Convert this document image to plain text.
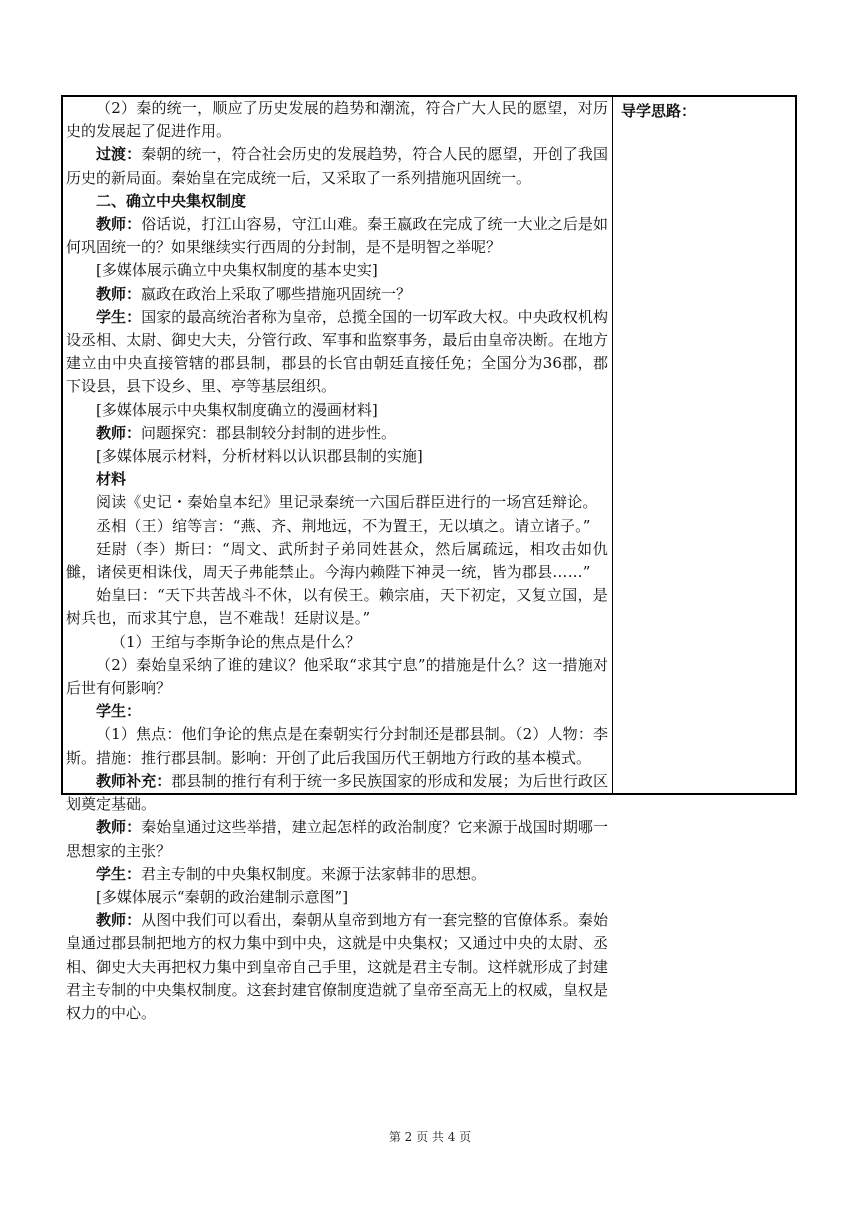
（2）秦的统一，顺应了历史发展的趋势和潮流，符合广大人民的愿望，对历史的发展起了促进作用。

过渡：秦朝的统一，符合社会历史的发展趋势，符合人民的愿望，开创了我国历史的新局面。秦始皇在完成统一后，又采取了一系列措施巩固统一。

二、确立中央集权制度

教师：俗话说，打江山容易，守江山难。秦王嬴政在完成了统一大业之后是如何巩固统一的？如果继续实行西周的分封制，是不是明智之举呢？

[多媒体展示确立中央集权制度的基本史实]

教师：嬴政在政治上采取了哪些措施巩固统一？

学生：国家的最高统治者称为皇帝，总揽全国的一切军政大权。中央政权机构设丞相、太尉、御史大夫，分管行政、军事和监察事务，最后由皇帝决断。在地方建立由中央直接管辖的郡县制，郡县的长官由朝廷直接任免；全国分为36郡，郡下设县，县下设乡、里、亭等基层组织。

[多媒体展示中央集权制度确立的漫画材料]

教师：问题探究：郡县制较分封制的进步性。

[多媒体展示材料，分析材料以认识郡县制的实施]

材料

阅读《史记・秦始皇本纪》里记录秦统一六国后群臣进行的一场宫廷辩论。

丞相（王）绾等言：“燕、齐、荆地远，不为置王，无以填之。请立诸子。”

廷尉（李）斯曰：“周文、武所封子弟同姓甚众，然后属疏远，相攻击如仇雠，诸侯更相诛伐，周天子弗能禁止。今海内赖陛下神灵一统，皆为郡县……”

始皇曰：“天下共苦战斗不休，以有侯王。赖宗庙，天下初定，又复立国，是树兵也，而求其宁息，岂不难哉！廷尉议是。”

（1）王绾与李斯争论的焦点是什么？

（2）秦始皇采纳了谁的建议？他采取“求其宁息”的措施是什么？这一措施对后世有何影响？

学生：

（1）焦点：他们争论的焦点是在秦朝实行分封制还是郡县制。（2）人物：李斯。措施：推行郡县制。影响：开创了此后我国历代王朝地方行政的基本模式。

教师补充：郡县制的推行有利于统一多民族国家的形成和发展；为后世行政区划奠定基础。

教师：秦始皇通过这些举措，建立起怎样的政治制度？它来源于战国时期哪一思想家的主张？

学生：君主专制的中央集权制度。来源于法家韩非的思想。

[多媒体展示“秦朝的政治建制示意图”]

教师：从图中我们可以看出，秦朝从皇帝到地方有一套完整的官僚体系。秦始皇通过郡县制把地方的权力集中到中央，这就是中央集权；又通过中央的太尉、丞相、御史大夫再把权力集中到皇帝自己手里，这就是君主专制。这样就形成了封建君主专制的中央集权制度。这套封建官僚制度造就了皇帝至高无上的权威，皇权是权力的中心。

导学思路：
第 2 页 共 4 页
